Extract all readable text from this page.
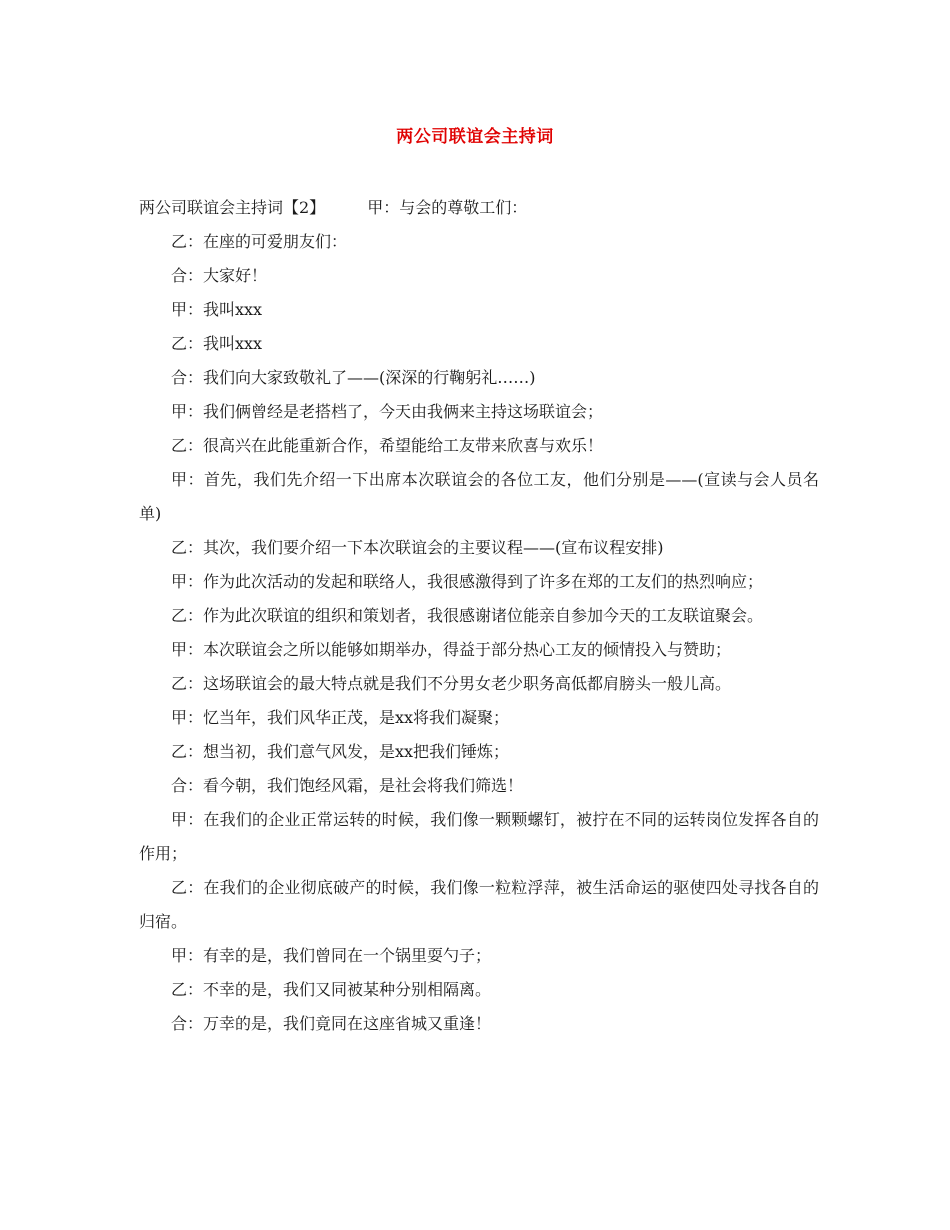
两公司联谊会主持词

两公司联谊会主持词【2】	甲：与会的尊敬工们：

乙：在座的可爱朋友们：

合：大家好！

甲：我叫xxx

乙：我叫xxx

合：我们向大家致敬礼了——(深深的行鞠躬礼……)

甲：我们俩曾经是老搭档了，今天由我俩来主持这场联谊会；

乙：很高兴在此能重新合作，希望能给工友带来欣喜与欢乐！

甲：首先，我们先介绍一下出席本次联谊会的各位工友，他们分别是——(宣读与会人员名单)

乙：其次，我们要介绍一下本次联谊会的主要议程——(宣布议程安排)

甲：作为此次活动的发起和联络人，我很感激得到了许多在郑的工友们的热烈响应；

乙：作为此次联谊的组织和策划者，我很感谢诸位能亲自参加今天的工友联谊聚会。

甲：本次联谊会之所以能够如期举办，得益于部分热心工友的倾情投入与赞助；

乙：这场联谊会的最大特点就是我们不分男女老少职务高低都肩膀头一般儿高。

甲：忆当年，我们风华正茂，是xx将我们凝聚；

乙：想当初，我们意气风发，是xx把我们锤炼；

合：看今朝，我们饱经风霜，是社会将我们筛选！

甲：在我们的企业正常运转的时候，我们像一颗颗螺钉，被拧在不同的运转岗位发挥各自的作用；

乙：在我们的企业彻底破产的时候，我们像一粒粒浮萍，被生活命运的驱使四处寻找各自的归宿。

甲：有幸的是，我们曾同在一个锅里耍勺子；

乙：不幸的是，我们又同被某种分别相隔离。

合：万幸的是，我们竟同在这座省城又重逢！
